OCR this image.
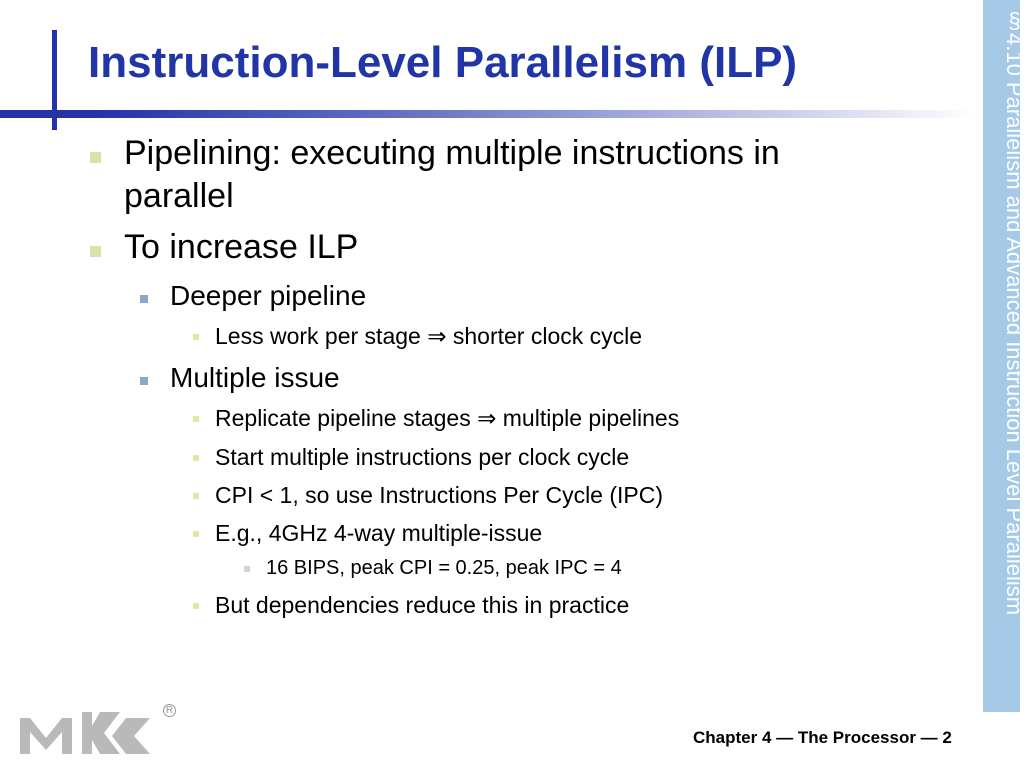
Instruction-Level Parallelism (ILP)	§4.10 Parallelism and Advanced Instruction Level Parallelism
Pipelining: executing multiple instructions in
parallel
To increase ILP
Deeper pipeline
Less work per stage ⇒ shorter clock cycle
Multiple issue
Replicate pipeline stages ⇒ multiple pipelines
Start multiple instructions per clock cycle
CPI < 1, so use Instructions Per Cycle (IPC)
E.g., 4GHz 4-way multiple-issue
16 BIPS, peak CPI = 0.25, peak IPC = 4
But dependencies reduce this in practice
R
Chapter 4 — The Processor — 2
